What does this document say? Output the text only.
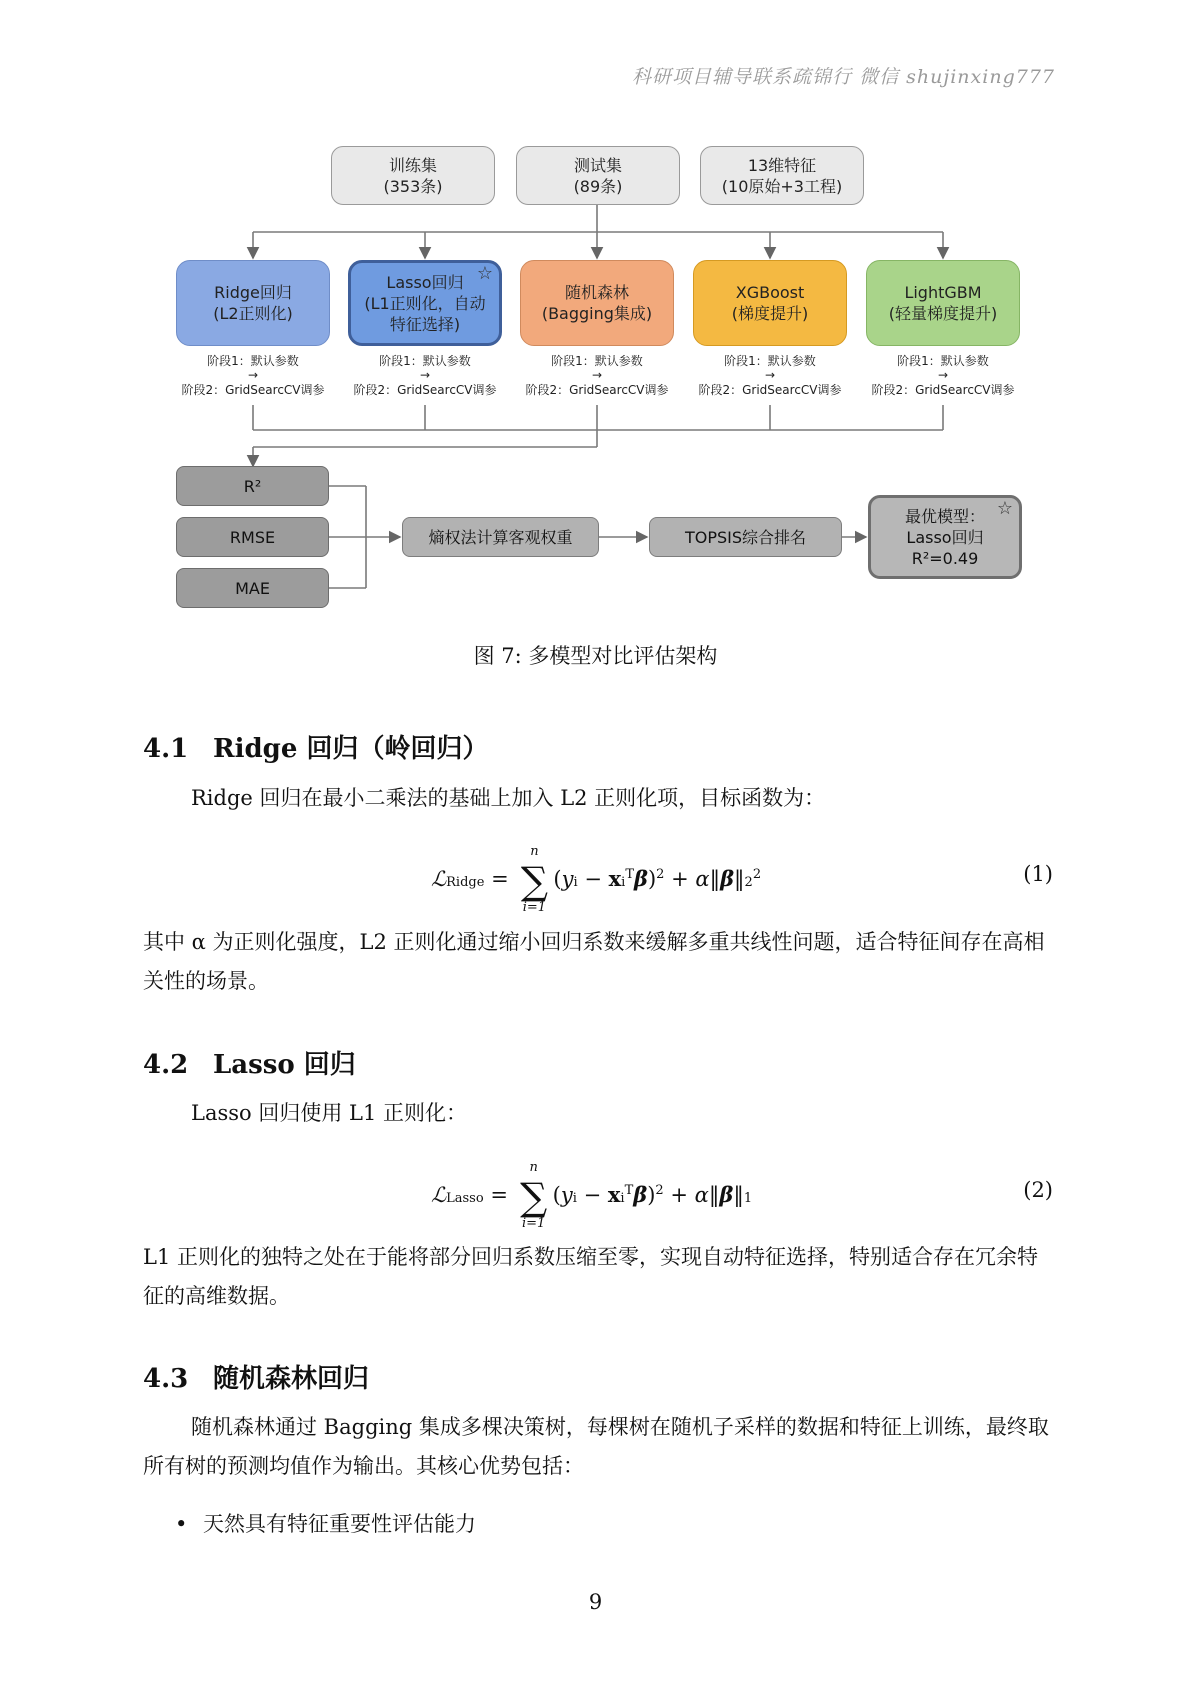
科研项目辅导联系疏锦行 微信 shujinxing777
训练集
(353条)
测试集
(89条)
13维特征
(10原始+3工程)
Ridge回归
(L2正则化)
☆
Lasso回归
(L1正则化，自动
特征选择)
随机森林
(Bagging集成)
XGBoost
(梯度提升)
LightGBM
(轻量梯度提升)
阶段1：默认参数
→
阶段2：GridSearcCV调参
阶段1：默认参数
→
阶段2：GridSearcCV调参
阶段1：默认参数
→
阶段2：GridSearcCV调参
阶段1：默认参数
→
阶段2：GridSearcCV调参
阶段1：默认参数
→
阶段2：GridSearcCV调参
R²
RMSE
MAE
熵权法计算客观权重	TOPSIS综合排名
☆
最优模型：
Lasso回归
R²=0.49
图 7: 多模型对比评估架构
4.1 Ridge 回归（岭回归）
Ridge 回归在最小二乘法的基础上加入 L2 正则化项，目标函数为：
ℒRidge =
n
∑
i=1
$(yi - xi^T\beta)^2$ + $\alpha‖\beta‖2^2$	(1)
其中 α 为正则化强度，L2 正则化通过缩小回归系数来缓解多重共线性问题，适合特征间存在高相关性的场景。
4.2 Lasso 回归
Lasso 回归使用 L1 正则化：
ℒLasso =
n
∑
i=1
$(yi - xi^T\beta)^2$ + α‖β‖1	(2)
L1 正则化的独特之处在于能将部分回归系数压缩至零，实现自动特征选择，特别适合存在冗余特征的高维数据。
4.3 随机森林回归
随机森林通过 Bagging 集成多棵决策树，每棵树在随机子采样的数据和特征上训练，最终取所有树的预测均值作为输出。其核心优势包括：
• 天然具有特征重要性评估能力
9
